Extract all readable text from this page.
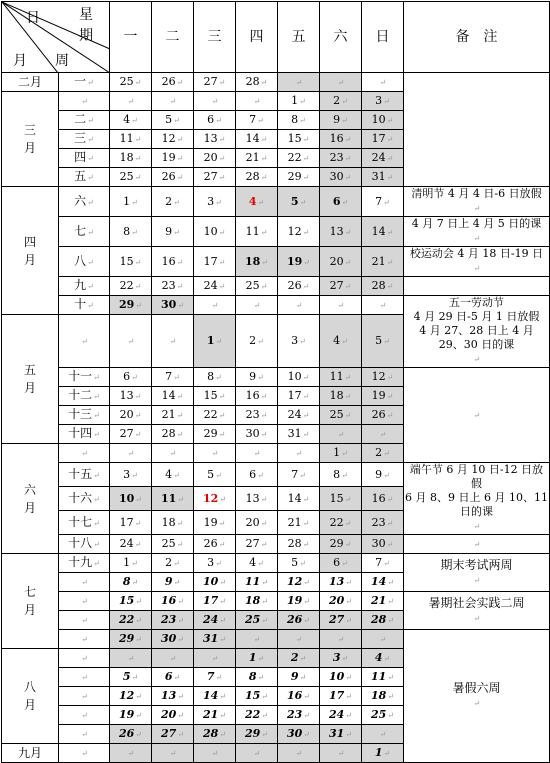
日 星
期
月 周		一	二	三	四	五	六	日	备　注
二月	一↵	25↵	26↵	27↵	28↵	↵	↵	↵	
三月	↵	↵	↵	↵	↵	1↵	2↵	3↵	
	二↵	4↵	5↵	6↵	7↵	8↵	9↵	10↵	
	三↵	11↵	12↵	13↵	14↵	15↵	16↵	17↵	
	四↵	18↵	19↵	20↵	21↵	22↵	23↵	24↵	
	五↵	25↵	26↵	27↵	28↵	29↵	30↵	31↵	
四月	六↵	1↵	2↵	3↵	4↵	5↵	6↵	7↵	清明节 4 月 4 日-6 日放假
↵
	七↵	8↵	9↵	10↵	11↵	12↵	13↵	14↵	4 月 7 日上 4 月 5 日的课
↵
	八↵	15↵	16↵	17↵	18↵	19↵	20↵	21↵	校运动会 4 月 18 日-19 日
↵
	九↵	22↵	23↵	24↵	25↵	26↵	27↵	28↵	
	十↵	29↵	30↵	↵	↵	↵	↵	↵	五一劳动节
4 月 29 日-5 月 1 日放假
4 月 27、28 日上 4 月
29、30 日的课
↵
五月	↵	↵	↵	1↵	2↵	3↵	4↵	5↵	
	十一↵	6↵	7↵	8↵	9↵	10↵	11↵	12↵	↵
	十二↵	13↵	14↵	15↵	16↵	17↵	18↵	19↵	
	十三↵	20↵	21↵	22↵	23↵	24↵	25↵	26↵	
	十四↵	27↵	28↵	29↵	30↵	31↵	↵	↵	
六月	↵	↵	↵	↵	↵	↵	1↵	2↵	
	十五↵	3↵	4↵	5↵	6↵	7↵	8↵	9↵	端午节 6 月 10 日-12 日放假
6 月 8、9 日上 6 月 10、11
日的课
↵
	十六↵	10↵	11↵	12↵	13↵	14↵	15↵	16↵	
	十七↵	17↵	18↵	19↵	20↵	21↵	22↵	23↵	
	十八↵	24↵	25↵	26↵	27↵	28↵	29↵	30↵	↵
七月	十九↵	1↵	2↵	3↵	4↵	5↵	6↵	7↵	期末考试两周
↵
	↵	8↵	9↵	10↵	11↵	12↵	13↵	14↵	
	↵	15↵	16↵	17↵	18↵	19↵	20↵	21↵	暑期社会实践二周
↵
	↵	22↵	23↵	24↵	25↵	26↵	27↵	28↵	
	↵	29↵	30↵	31↵	↵	↵	↵	↵	暑假六周
↵
八月	↵	↵	↵	↵	1↵	2↵	3↵	4↵	
	↵	5↵	6↵	7↵	8↵	9↵	10↵	11↵	
	↵	12↵	13↵	14↵	15↵	16↵	17↵	18↵	
	↵	19↵	20↵	21↵	22↵	23↵	24↵	25↵	
	↵	26↵	27↵	28↵	29↵	30↵	31↵	↵	
九月	↵	↵	↵	↵	↵	↵	↵	1↵	
